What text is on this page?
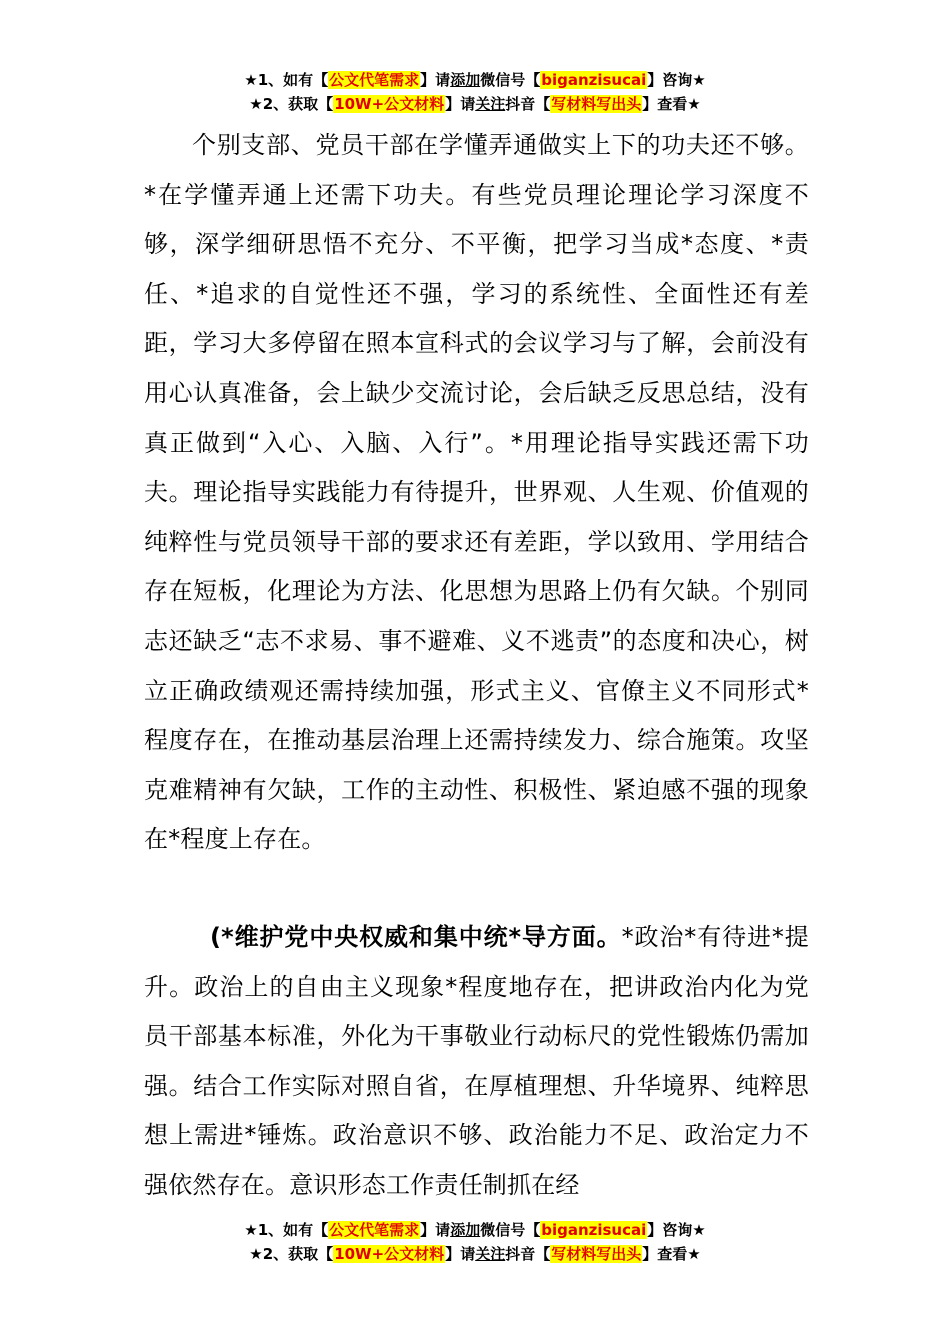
★1、如有【公文代笔需求】请添加微信号【biganzisucai】咨询★
★2、获取【10W+公文材料】请关注抖音【写材料写出头】查看★

个别支部、党员干部在学懂弄通做实上下的功夫还不够。*在学懂弄通上还需下功夫。有些党员理论理论学习深度不够，深学细研思悟不充分、不平衡，把学习当成*态度、*责任、*追求的自觉性还不强，学习的系统性、全面性还有差距，学习大多停留在照本宣科式的会议学习与了解，会前没有用心认真准备，会上缺少交流讨论，会后缺乏反思总结，没有真正做到“入心、入脑、入行”。*用理论指导实践还需下功夫。理论指导实践能力有待提升，世界观、人生观、价值观的纯粹性与党员领导干部的要求还有差距，学以致用、学用结合存在短板，化理论为方法、化思想为思路上仍有欠缺。个别同志还缺乏“志不求易、事不避难、义不逃责”的态度和决心，树立正确政绩观还需持续加强，形式主义、官僚主义不同形式*程度存在，在推动基层治理上还需持续发力、综合施策。攻坚克难精神有欠缺，工作的主动性、积极性、紧迫感不强的现象在*程度上存在。

(*维护党中央权威和集中统*导方面。*政治*有待进*提升。政治上的自由主义现象*程度地存在，把讲政治内化为党员干部基本标准，外化为干事敬业行动标尺的党性锻炼仍需加强。结合工作实际对照自省，在厚植理想、升华境界、纯粹思想上需进*锤炼。政治意识不够、政治能力不足、政治定力不强依然存在。意识形态工作责任制抓在经

★1、如有【公文代笔需求】请添加微信号【biganzisucai】咨询★
★2、获取【10W+公文材料】请关注抖音【写材料写出头】查看★
